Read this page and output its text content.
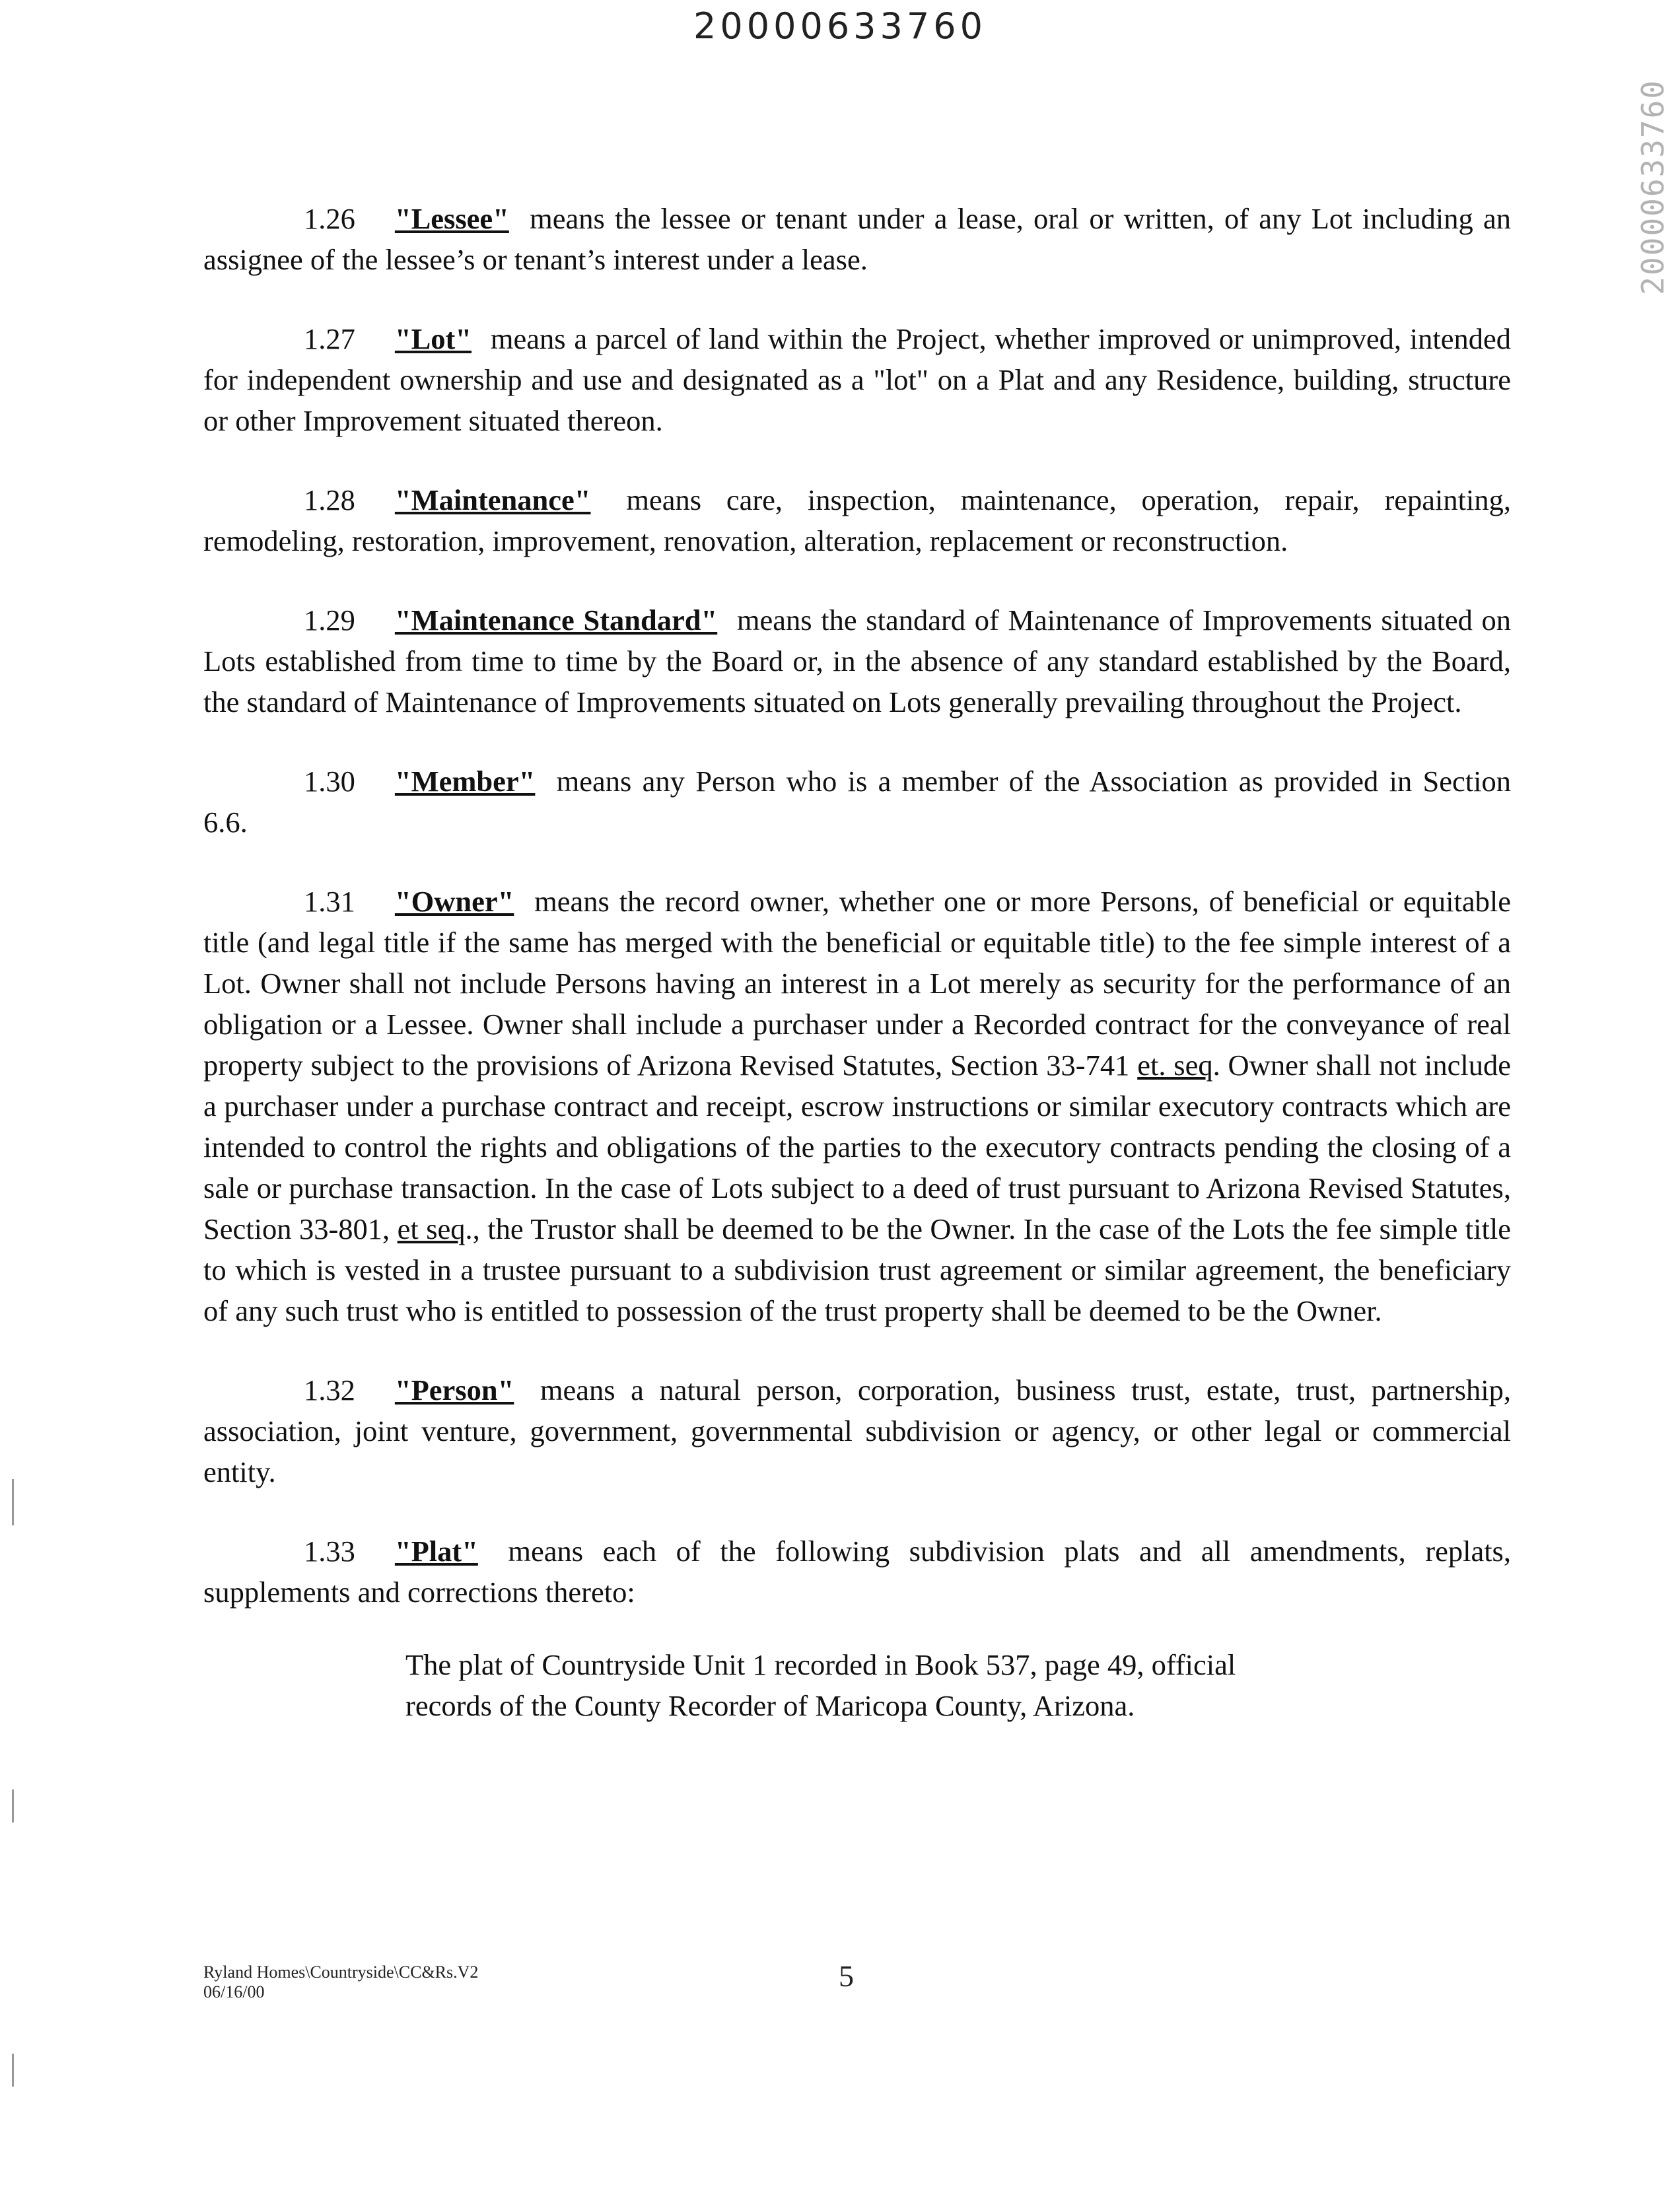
20000633760
20000633760

1.26 "Lessee" means the lessee or tenant under a lease, oral or written, of any Lot including an assignee of the lessee’s or tenant’s interest under a lease.

1.27 "Lot" means a parcel of land within the Project, whether improved or unimproved, intended for independent ownership and use and designated as a "lot" on a Plat and any Residence, building, structure or other Improvement situated thereon.

1.28 "Maintenance" means care, inspection, maintenance, operation, repair, repainting, remodeling, restoration, improvement, renovation, alteration, replacement or reconstruction.

1.29 "Maintenance Standard" means the standard of Maintenance of Improvements situated on Lots established from time to time by the Board or, in the absence of any standard established by the Board, the standard of Maintenance of Improvements situated on Lots generally prevailing throughout the Project.

1.30 "Member" means any Person who is a member of the Association as provided in Section 6.6.

1.31 "Owner" means the record owner, whether one or more Persons, of beneficial or equitable title (and legal title if the same has merged with the beneficial or equitable title) to the fee simple interest of a Lot. Owner shall not include Persons having an interest in a Lot merely as security for the performance of an obligation or a Lessee. Owner shall include a purchaser under a Recorded contract for the conveyance of real property subject to the provisions of Arizona Revised Statutes, Section 33-741 et. seq. Owner shall not include a purchaser under a purchase contract and receipt, escrow instructions or similar executory contracts which are intended to control the rights and obligations of the parties to the executory contracts pending the closing of a sale or purchase transaction. In the case of Lots subject to a deed of trust pursuant to Arizona Revised Statutes, Section 33-801, et seq., the Trustor shall be deemed to be the Owner. In the case of the Lots the fee simple title to which is vested in a trustee pursuant to a subdivision trust agreement or similar agreement, the beneficiary of any such trust who is entitled to possession of the trust property shall be deemed to be the Owner.

1.32 "Person" means a natural person, corporation, business trust, estate, trust, partnership, association, joint venture, government, governmental subdivision or agency, or other legal or commercial entity.

1.33 "Plat" means each of the following subdivision plats and all amendments, replats, supplements and corrections thereto:

The plat of Countryside Unit 1 recorded in Book 537, page 49, official records of the County Recorder of Maricopa County, Arizona.

Ryland Homes\Countryside\CC&Rs.V2
06/16/00	5
